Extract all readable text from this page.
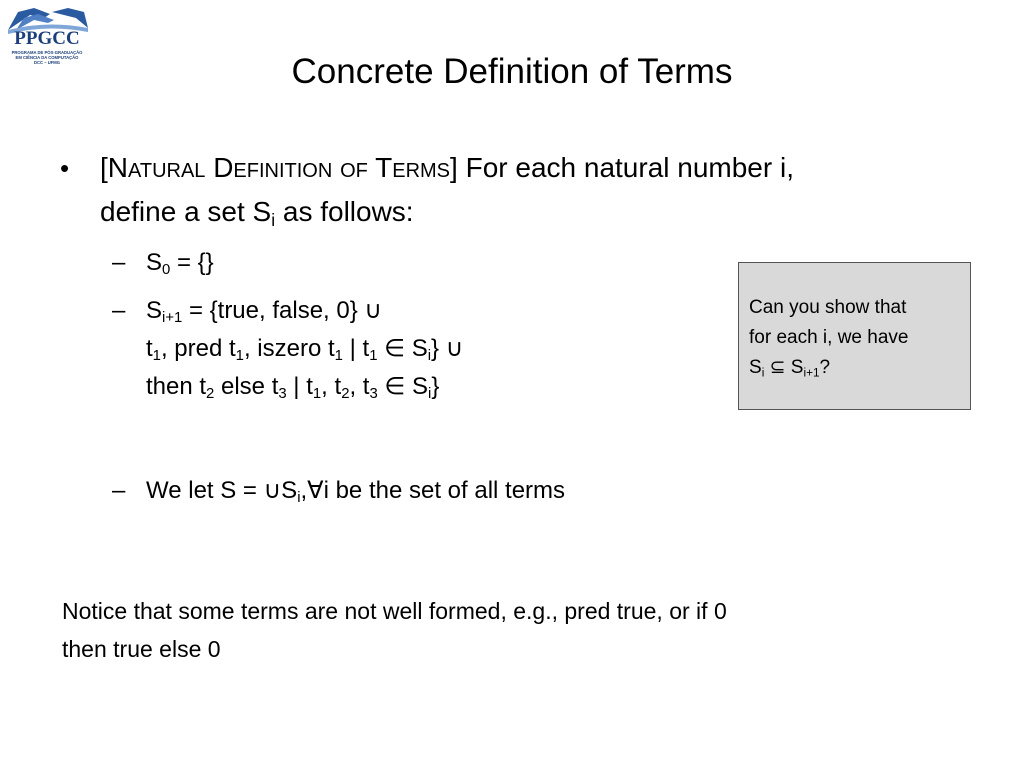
PPGCC
PROGRAMA DE PÓS-GRADUAÇÃO
EM CIÊNCIA DA COMPUTAÇÃO
DCC – UFMG	Concrete Definition of Terms
• [Natural Definition of Terms] For each natural number i,
define a set $S_i$ as follows:
– $S_0$ = {}
– $S_{i+1}$ = {true, false, 0} ∪
$t_1$, pred $t_1$, iszero $t_1$ | $t_1$ ∈ $S_i$} ∪
then $t_2$ else $t_3$ | $t_1$, $t_2$, $t_3$ ∈ $S_i$}
– We let $S = \cup S_i,\forall i$ be the set of all terms
Can you show that
for each i, we have
$S_i$ ⊆ $S_{i+1}$?
Notice that some terms are not well formed, e.g., pred true, or if 0
then true else 0
